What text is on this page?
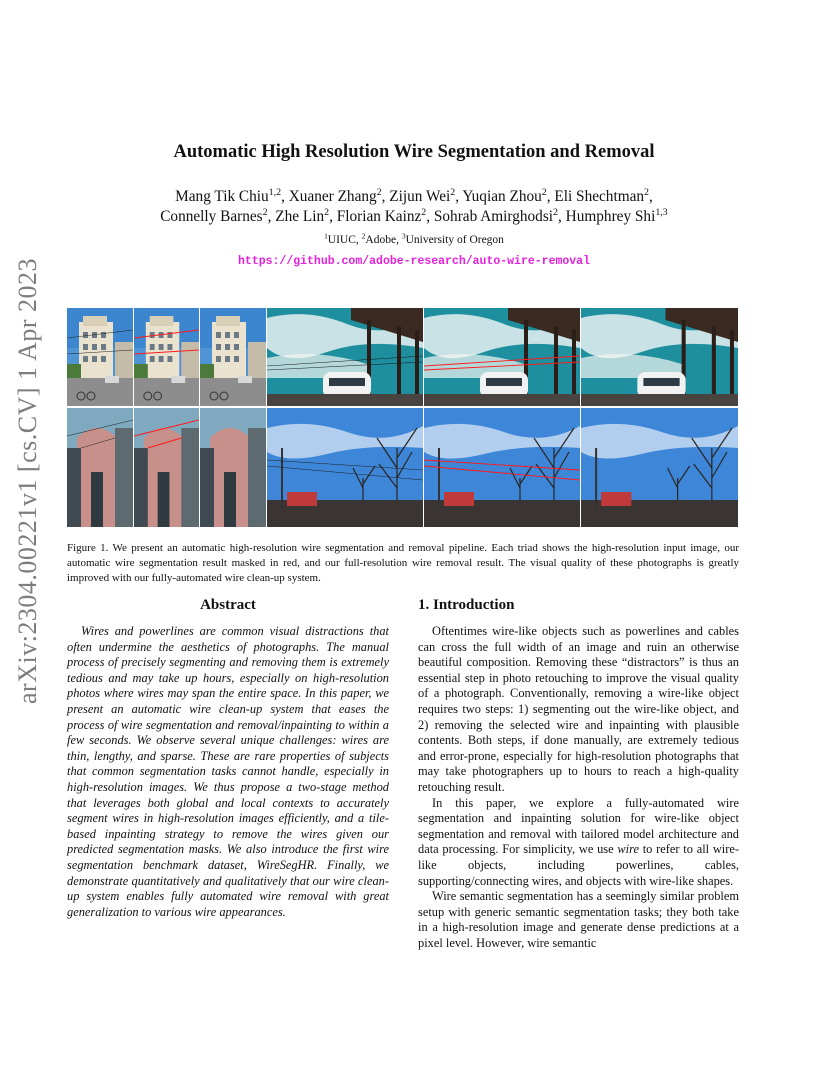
arXiv:2304.00221v1 [cs.CV] 1 Apr 2023
Automatic High Resolution Wire Segmentation and Removal
Mang Tik Chiu$^{1,2}$, Xuaner Zhang$^2$, Zijun Wei$^2$, Yuqian Zhou$^2$, Eli Shechtman$^2$,
Connelly Barnes$^2$, Zhe Lin$^2$, Florian Kainz$^2$, Sohrab Amirghodsi$^2$, Humphrey Shi$^{1,3}$
$^1$UIUC, $^2$Adobe, $^3$University of Oregon
https://github.com/adobe-research/auto-wire-removal

Figure 1. We present an automatic high-resolution wire segmentation and removal pipeline. Each triad shows the high-resolution input image, our automatic wire segmentation result masked in red, and our full-resolution wire removal result. The visual quality of these photographs is greatly improved with our fully-automated wire clean-up system.

Abstract

Wires and powerlines are common visual distractions that often undermine the aesthetics of photographs. The manual process of precisely segmenting and removing them is extremely tedious and may take up hours, especially on high-resolution photos where wires may span the entire space. In this paper, we present an automatic wire clean-up system that eases the process of wire segmentation and removal/inpainting to within a few seconds. We observe several unique challenges: wires are thin, lengthy, and sparse. These are rare properties of subjects that common segmentation tasks cannot handle, especially in high-resolution images. We thus propose a two-stage method that leverages both global and local contexts to accurately segment wires in high-resolution images efficiently, and a tile-based inpainting strategy to remove the wires given our predicted segmentation masks. We also introduce the first wire segmentation benchmark dataset, WireSegHR. Finally, we demonstrate quantitatively and qualitatively that our wire clean-up system enables fully automated wire removal with great generalization to various wire appearances.

1. Introduction

Oftentimes wire-like objects such as powerlines and cables can cross the full width of an image and ruin an otherwise beautiful composition. Removing these “distractors” is thus an essential step in photo retouching to improve the visual quality of a photograph. Conventionally, removing a wire-like object requires two steps: 1) segmenting out the wire-like object, and 2) removing the selected wire and inpainting with plausible contents. Both steps, if done manually, are extremely tedious and error-prone, especially for high-resolution photographs that may take photographers up to hours to reach a high-quality retouching result.

In this paper, we explore a fully-automated wire segmentation and inpainting solution for wire-like object segmentation and removal with tailored model architecture and data processing. For simplicity, we use wire to refer to all wire-like objects, including powerlines, cables, supporting/connecting wires, and objects with wire-like shapes.

Wire semantic segmentation has a seemingly similar problem setup with generic semantic segmentation tasks; they both take in a high-resolution image and generate dense predictions at a pixel level. However, wire semantic
